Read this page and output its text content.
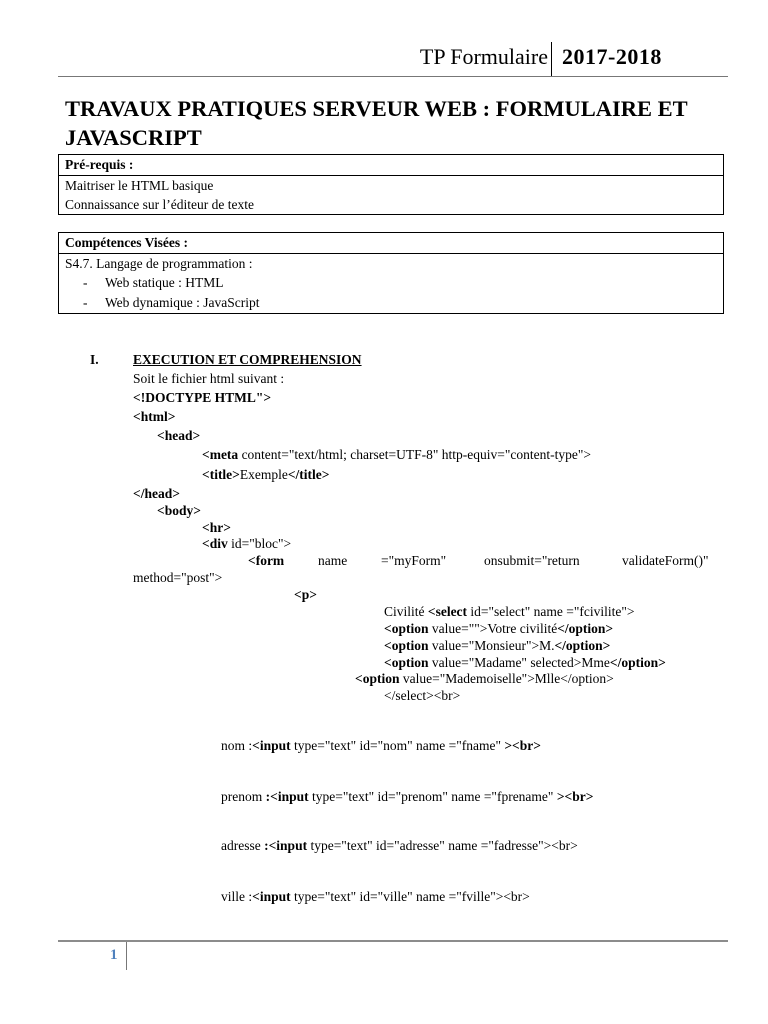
TP Formulaire 2017-2018
TRAVAUX PRATIQUES SERVEUR WEB : FORMULAIRE ET JAVASCRIPT
Pré-requis :
Maitriser le HTML basique
Connaissance sur l’éditeur de texte
Compétences Visées :
S4.7. Langage de programmation :
- Web statique : HTML
- Web dynamique : JavaScript
I.	EXECUTION ET COMPREHENSION
Soit le fichier html suivant :
<!DOCTYPE HTML">
<html>
<head>
<meta content="text/html; charset=UTF-8" http-equiv="content-type">
<title>Exemple</title>
</head>
<body>
<hr>
<div id="bloc">
<form	name	="myForm"	onsubmit="return	validateForm()"
method="post">
<p>
Civilité <select id="select" name ="fcivilite">
<option value="">Votre civilité</option>
<option value="Monsieur">M.</option>
<option value="Madame" selected>Mme</option>
<option value="Mademoiselle">Mlle</option>
</select><br>
nom :<input type="text" id="nom" name ="fname" ><br>
prenom :<input type="text" id="prenom" name ="fprename" ><br>
adresse :<input type="text" id="adresse" name ="fadresse"><br>
ville :<input type="text" id="ville" name ="fville"><br>
1
